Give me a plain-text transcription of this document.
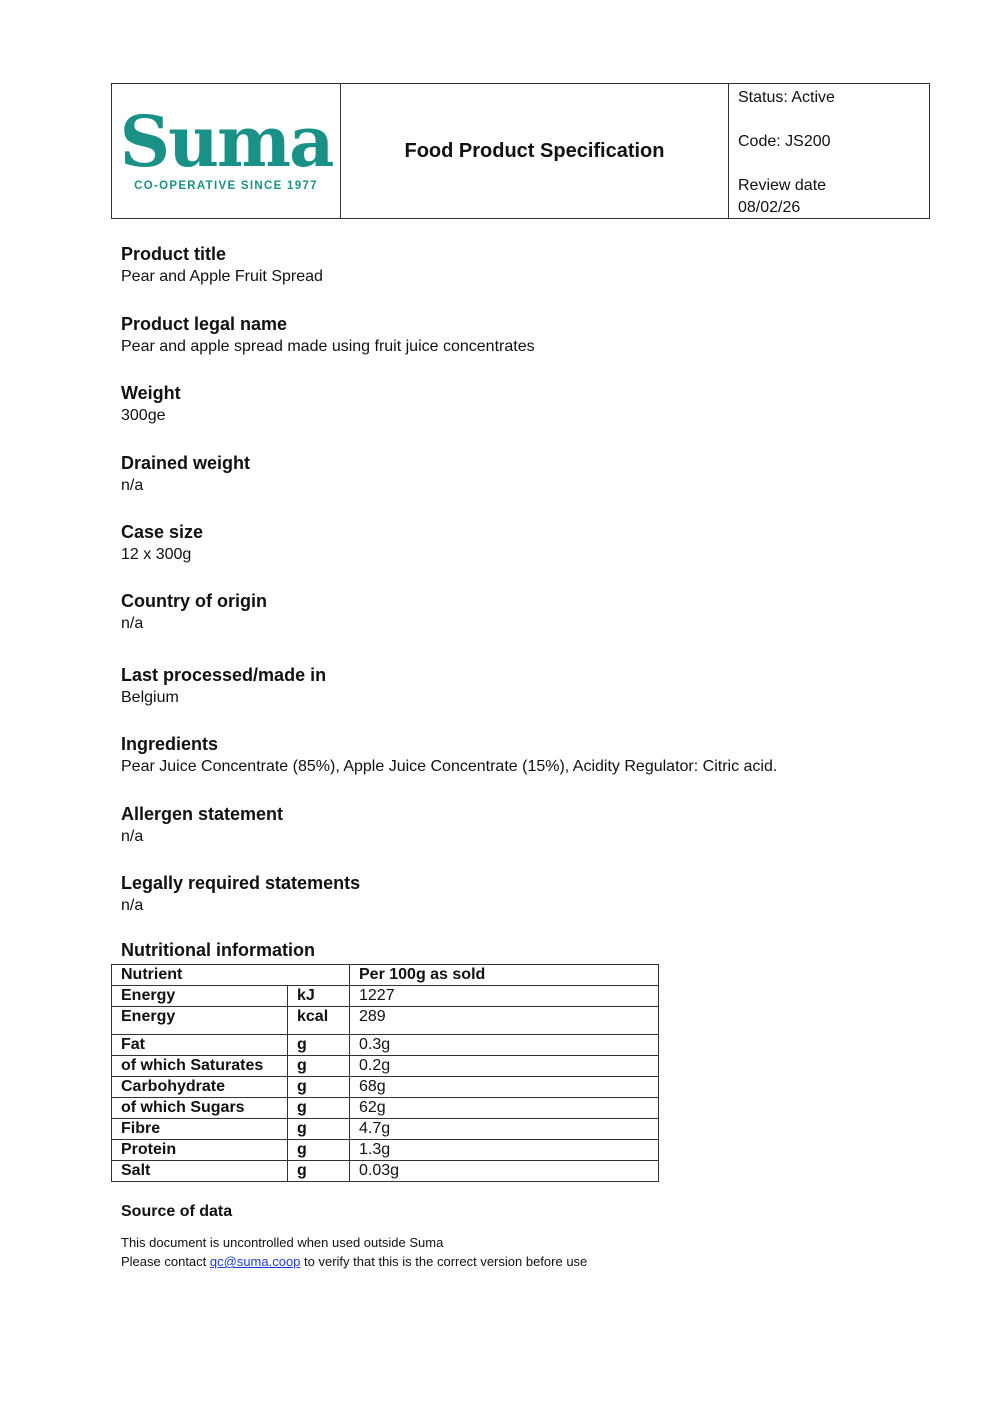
Suma
CO-OPERATIVE SINCE 1977
Food Product Specification
Status: Active
Code: JS200
Review date
08/02/26
Product title
Pear and Apple Fruit Spread
Product legal name
Pear and apple spread made using fruit juice concentrates
Weight
300ge
Drained weight
n/a
Case size
12 x 300g
Country of origin
n/a
Last processed/made in
Belgium
Ingredients
Pear Juice Concentrate (85%), Apple Juice Concentrate (15%), Acidity Regulator: Citric acid.
Allergen statement
n/a
Legally required statements
n/a
Nutritional information
Nutrient		Per 100g as sold
Energy	kJ	1227
Energy	kcal	289
Fat	g	0.3g
of which Saturates	g	0.2g
Carbohydrate	g	68g
of which Sugars	g	62g
Fibre	g	4.7g
Protein	g	1.3g
Salt	g	0.03g
Source of data
This document is uncontrolled when used outside Suma
Please contact qc@suma.coop to verify that this is the correct version before use
